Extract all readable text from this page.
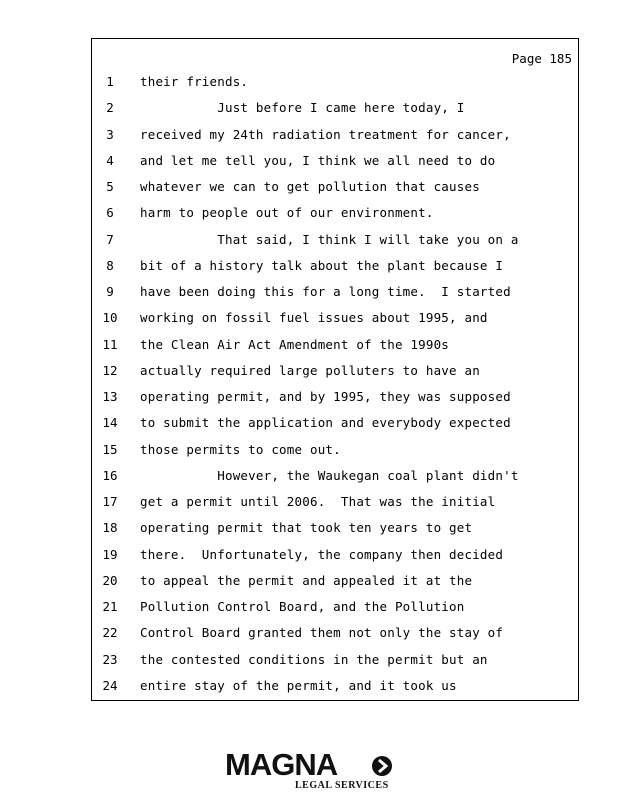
Page 185
1	their friends.
2	Just before I came here today, I
3	received my 24th radiation treatment for cancer,
4	and let me tell you, I think we all need to do
5	whatever we can to get pollution that causes
6	harm to people out of our environment.
7	That said, I think I will take you on a
8	bit of a history talk about the plant because I
9	have been doing this for a long time.  I started
10 working on fossil fuel issues about 1995, and
11 the Clean Air Act Amendment of the 1990s
12 actually required large polluters to have an
13 operating permit, and by 1995, they was supposed
14 to submit the application and everybody expected
15 those permits to come out.
16 However, the Waukegan coal plant didn't
17 get a permit until 2006.  That was the initial
18 operating permit that took ten years to get
19 there.  Unfortunately, the company then decided
20 to appeal the permit and appealed it at the
21 Pollution Control Board, and the Pollution
22 Control Board granted them not only the stay of
23 the contested conditions in the permit but an
24 entire stay of the permit, and it took us
MAGNA
LEGAL SERVICES
